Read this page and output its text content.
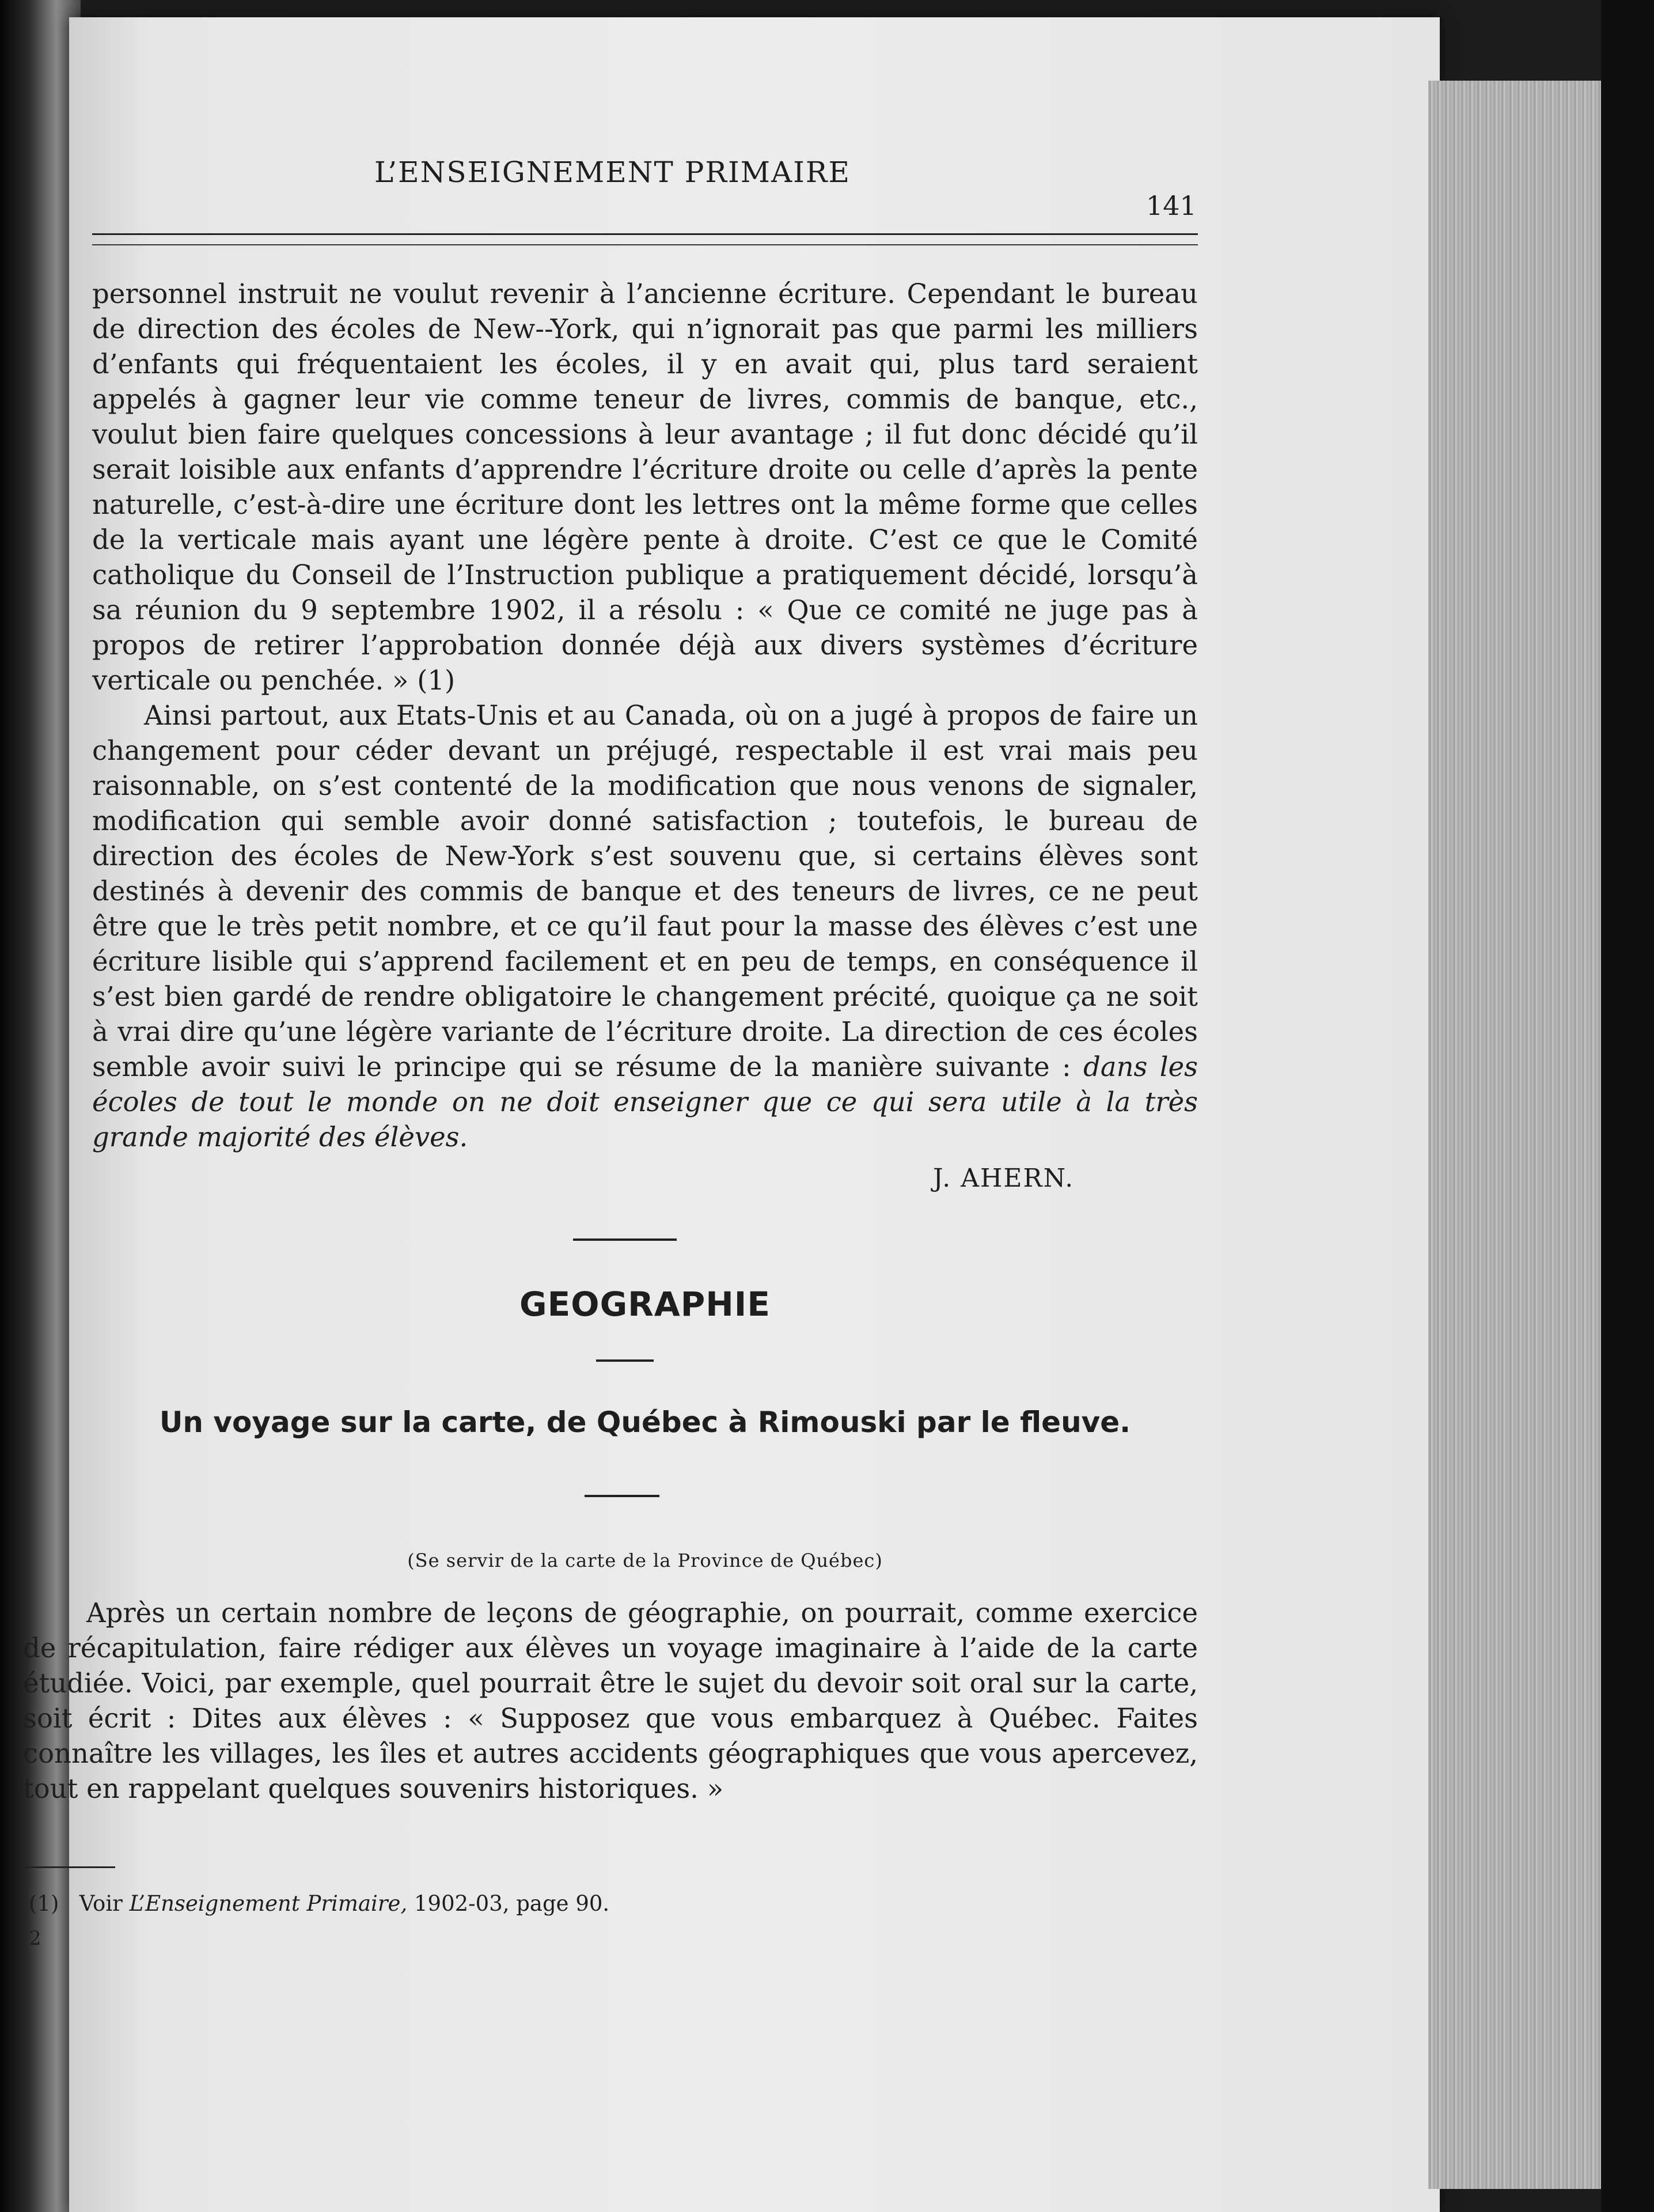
L’ENSEIGNEMENT PRIMAIRE
141

personnel instruit ne voulut revenir à l’ancienne écriture. Cependant le bureau de direction des écoles de New--York, qui n’ignorait pas que parmi les milliers d’enfants qui fréquentaient les écoles, il y en avait qui, plus tard seraient appelés à gagner leur vie comme teneur de livres, commis de banque, etc., voulut bien faire quelques concessions à leur avantage ; il fut donc décidé qu’il serait loisible aux enfants d’apprendre l’écriture droite ou celle d’après la pente naturelle, c’est-à-dire une écriture dont les lettres ont la même forme que celles de la verticale mais ayant une légère pente à droite. C’est ce que le Comité catholique du Conseil de l’Instruction publique a pratiquement décidé, lorsqu’à sa réunion du 9 septembre 1902, il a résolu : « Que ce comité ne juge pas à propos de retirer l’approbation donnée déjà aux divers systèmes d’écriture verticale ou penchée. » (1)

Ainsi partout, aux Etats-Unis et au Canada, où on a jugé à propos de faire un changement pour céder devant un préjugé, respectable il est vrai mais peu raisonnable, on s’est contenté de la modification que nous venons de signaler, modification qui semble avoir donné satisfaction ; toutefois, le bureau de direction des écoles de New-York s’est souvenu que, si certains élèves sont destinés à devenir des commis de banque et des teneurs de livres, ce ne peut être que le très petit nombre, et ce qu’il faut pour la masse des élèves c’est une écriture lisible qui s’apprend facilement et en peu de temps, en conséquence il s’est bien gardé de rendre obligatoire le changement précité, quoique ça ne soit à vrai dire qu’une légère variante de l’écriture droite. La direction de ces écoles semble avoir suivi le principe qui se résume de la manière suivante : dans les écoles de tout le monde on ne doit enseigner que ce qui sera utile à la très grande majorité des élèves.

J. AHERN.
GEOGRAPHIE
Un voyage sur la carte, de Québec à Rimouski par le fleuve.
(Se servir de la carte de la Province de Québec)

Après un certain nombre de leçons de géographie, on pourrait, comme exercice de récapitulation, faire rédiger aux élèves un voyage imaginaire à l’aide de la carte étudiée. Voici, par exemple, quel pourrait être le sujet du devoir soit oral sur la carte, soit écrit : Dites aux élèves : « Supposez que vous embarquez à Québec. Faites connaître les villages, les îles et autres accidents géographiques que vous apercevez, tout en rappelant quelques souvenirs historiques. »

(1) Voir L’Enseignement Primaire, 1902-03, page 90.
2
